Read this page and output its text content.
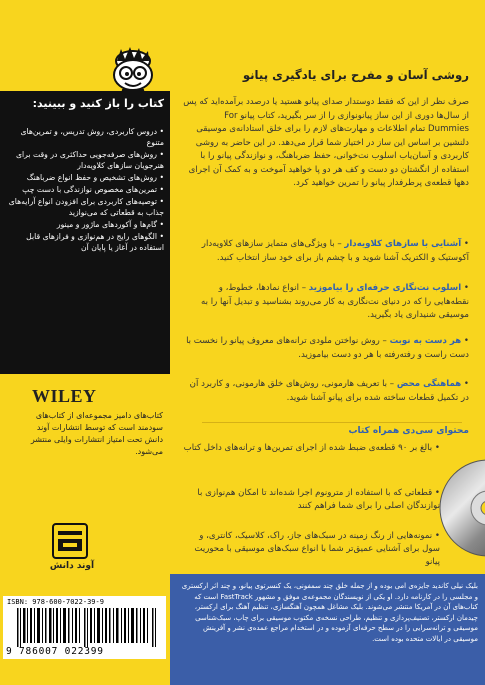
کتاب را باز کنید و ببینید:
• دروس کاربردی، روش تدریس، و تمرین‌های متنوع
• روش‌های صرفه‌جویی حداکثری در وقت برای هنرجویان سازهای کلاویه‌دار
• روش‌های تشخیص و حفظ انواع ضرباهنگ
• تمرین‌های مخصوص نوازندگی با دست چپ
• توصیه‌های کاربردی برای افزودن انواع آرایه‌های جذاب به قطعاتی که می‌نوازید
• گام‌ها و آکوردهای ماژور و مینور
• الگوهای رایج در هم‌نوازی و فرازهای قابل استفاده در آغاز یا پایان آن
WILEY
کتاب‌های دامیز مجموعه‌ای از کتاب‌های سودمند است که توسط انتشارات آوند دانش تحت امتیاز انتشارات وایلی منتشر می‌شود.
آوند دانش
ISBN: 978-600-7022-39-9
9 786007 022399
روشی آسان و مفرح برای یادگیری پیانو
صرف نظر از این که فقط دوستدار صدای پیانو هستید یا درصدد برآمده‌اید که پس از سال‌ها دوری از این ساز پیانونوازی را از سر بگیرید، کتاب پیانو For Dummies تمام اطلاعات و مهارت‌های لازم را برای خلق استادانه‌ی موسیقی دلنشین بر اساس این ساز در اختیار شما قرار می‌دهد. در این حاضر به روشی کاربردی و آسان‌یاب اسلوب نت‌خوانی، حفظ ضرباهنگ، و نوازندگی پیانو را با استفاده از انگشتان دو دست و کف هر دو پا خواهید آموخت و به کمک آن اجرای دهها قطعه‌ی پرطرفدار پیانو را تمرین خواهید کرد.
• آشنایی با سازهای کلاویه‌دار – با ویژگی‌های متمایز سازهای کلاویه‌دار آکوستیک و الکتریک آشنا شوید و با چشم باز برای خود ساز انتخاب کنید.
• اسلوب نت‌نگاری حرفه‌ای را بیاموزید – انواع نمادها، خطوط، و نقطه‌هایی را که در دنیای نت‌نگاری به کار می‌روند بشناسید و تبدیل آنها را به موسیقی شنیداری یاد بگیرید.
• هر دست به نوبت – روش نواختن ملودی ترانه‌های معروف پیانو را نخست با دست راست و رفته‌رفته با هر دو دست بیاموزید.
• هماهنگی محض – با تعریف هارمونی، روش‌های خلق هارمونی، و کاربرد آن در تکمیل قطعات ساخته شده برای پیانو آشنا شوید.
محتوای سی‌دی همراه کتاب
• بالغ بر ۹۰ قطعه‌ی ضبط شده از اجرای تمرین‌ها و ترانه‌های داخل کتاب
• قطعاتی که با استفاده از مترونوم اجرا شده‌اند تا امکان هم‌نوازی با نوازندگان اصلی را برای شما فراهم کنند
• نمونه‌هایی از رنگ زمینه در سبک‌های جاز، راک، کلاسیک، کانتری، و سول برای آشنایی عمیق‌تر شما با انواع سبک‌های موسیقی با محوریت پیانو
بلیک نیلی کاندید جایزه‌ی امی بوده و از جمله خلق چند سمفونی، یک کنسرتوی پیانو، و چند اثر ارکستری و مجلسی را در کارنامه دارد. او یکی از نویسندگان مجموعه‌ی موفق و مشهور FastTrack است که کتاب‌های آن در آمریکا منتشر می‌شوند. بلیک مشاغل همچون آهنگسازی، تنظیم آهنگ برای ارکستر، چیدمان ارکستر، تصنیف‌پردازی و تنظیم، طراحی نسخه‌ی مکتوب موسیقی برای چاپ، سبک‌شناسی موسیقی و ترانه‌سرایی را در سطح حرفه‌ای آزموده و در استخدام مراجع عمده‌ی نشر و آفرینش موسیقی در ایالات متحده بوده است.
